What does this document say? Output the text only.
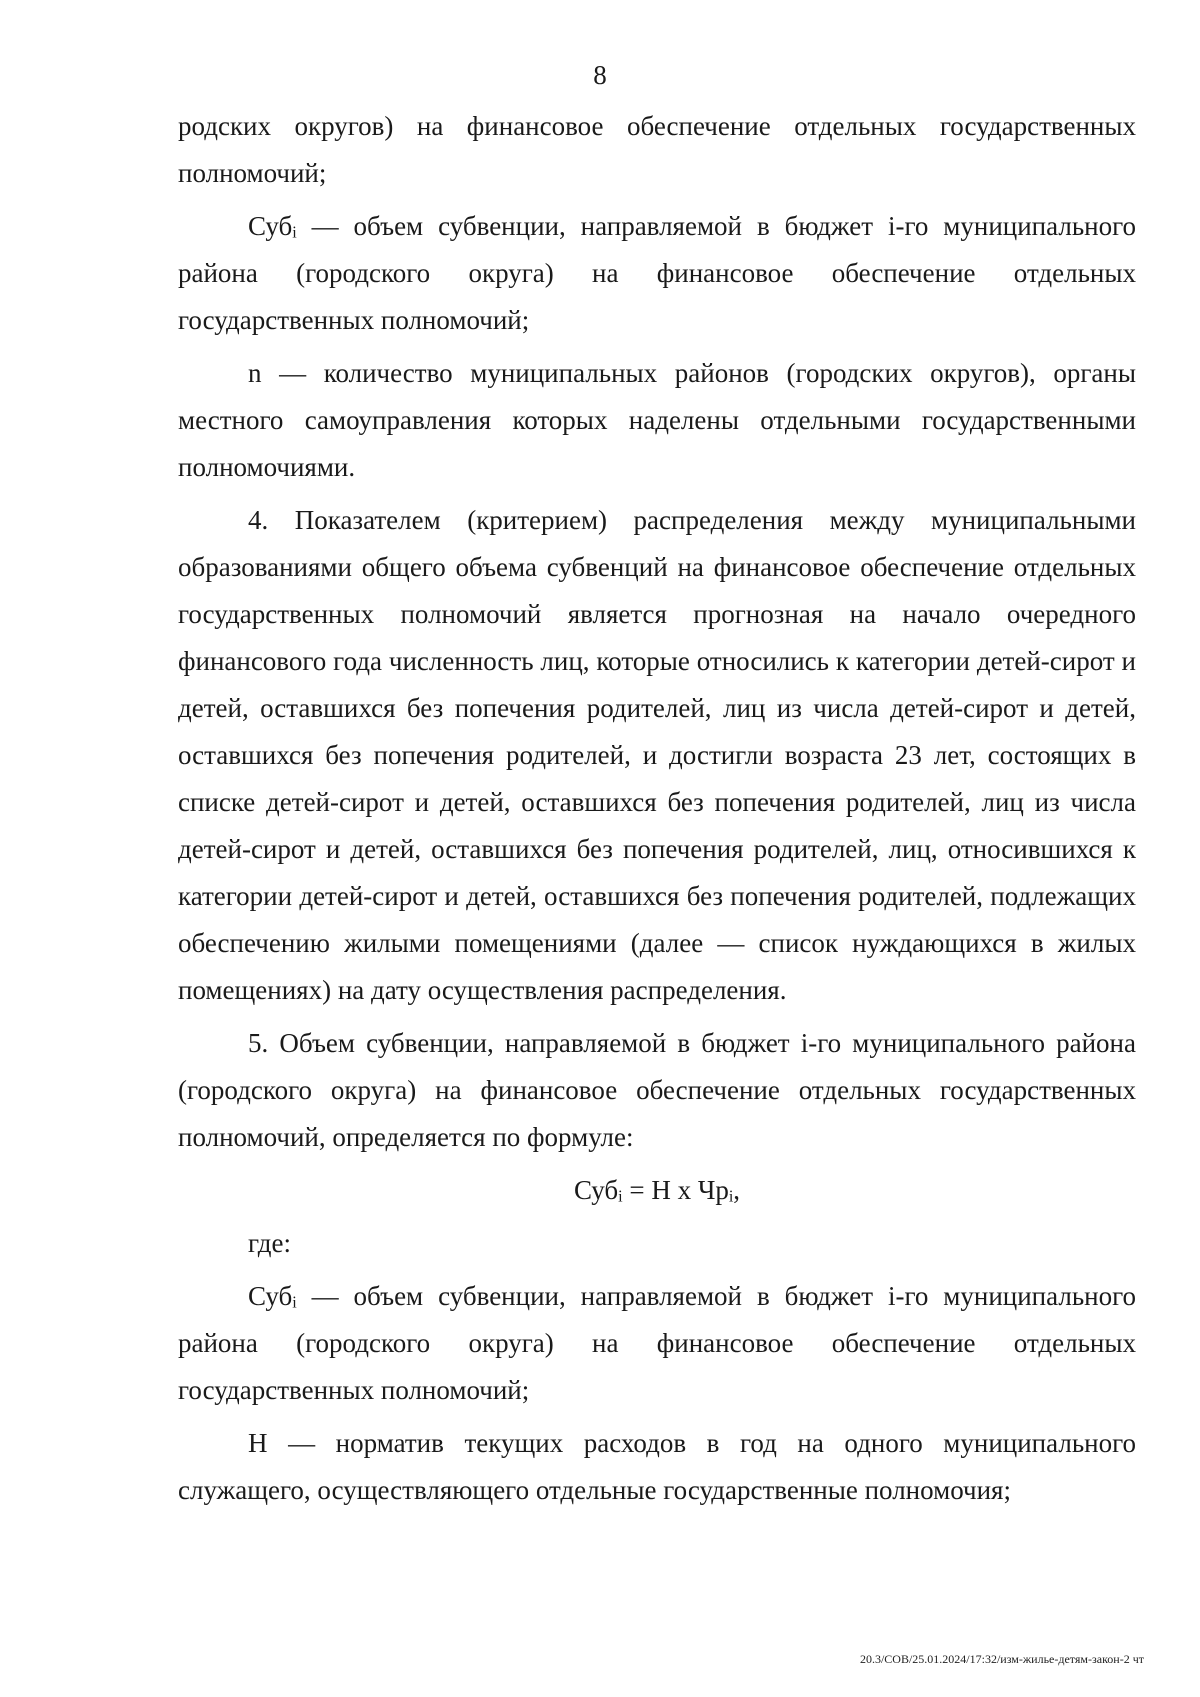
8

родских округов) на финансовое обеспечение отдельных государственных полномочий;

Субᵢ — объем субвенции, направляемой в бюджет i-го муниципального района (городского округа) на финансовое обеспечение отдельных государственных полномочий;

n — количество муниципальных районов (городских округов), органы местного самоуправления которых наделены отдельными государственными полномочиями.

4. Показателем (критерием) распределения между муниципальными образованиями общего объема субвенций на финансовое обеспечение отдельных государственных полномочий является прогнозная на начало очередного финансового года численность лиц, которые относились к категории детей-сирот и детей, оставшихся без попечения родителей, лиц из числа детей-сирот и детей, оставшихся без попечения родителей, и достигли возраста 23 лет, состоящих в списке детей-сирот и детей, оставшихся без попечения родителей, лиц из числа детей-сирот и детей, оставшихся без попечения родителей, лиц, относившихся к категории детей-сирот и детей, оставшихся без попечения родителей, подлежащих обеспечению жилыми помещениями (далее — список нуждающихся в жилых помещениях) на дату осуществления распределения.

5. Объем субвенции, направляемой в бюджет i-го муниципального района (городского округа) на финансовое обеспечение отдельных государственных полномочий, определяется по формуле:

Субᵢ = Н х Чрᵢ,

где:

Субᵢ — объем субвенции, направляемой в бюджет i-го муниципального района (городского округа) на финансовое обеспечение отдельных государственных полномочий;

Н — норматив текущих расходов в год на одного муниципального служащего, осуществляющего отдельные государственные полномочия;

20.3/СОВ/25.01.2024/17:32/изм-жилье-детям-закон-2 чт
